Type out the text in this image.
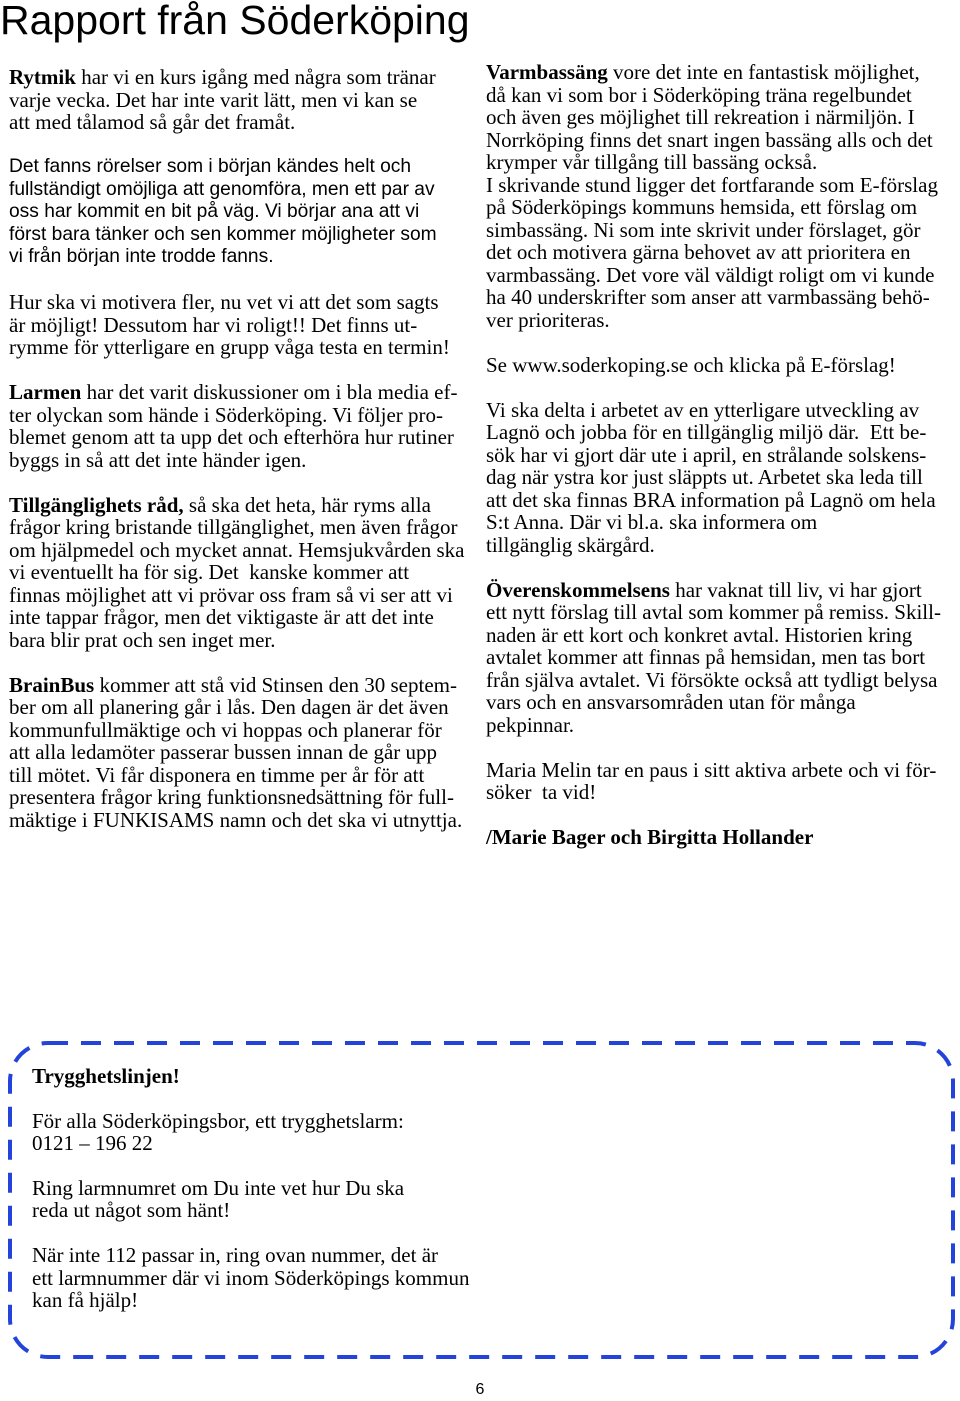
Rapport från Söderköping
Rytmik har vi en kurs igång med några som tränar
varje vecka. Det har inte varit lätt, men vi kan se
att med tålamod så går det framåt.
Det fanns rörelser som i början kändes helt och
fullständigt omöjliga att genomföra, men ett par av
oss har kommit en bit på väg. Vi börjar ana att vi
först bara tänker och sen kommer möjligheter som
vi från början inte trodde fanns.
Hur ska vi motivera fler, nu vet vi att det som sagts
är möjligt! Dessutom har vi roligt!! Det finns ut-
rymme för ytterligare en grupp våga testa en termin!
Larmen har det varit diskussioner om i bla media ef-
ter olyckan som hände i Söderköping. Vi följer pro-
blemet genom att ta upp det och efterhöra hur rutiner
byggs in så att det inte händer igen.
Tillgänglighets råd, så ska det heta, här ryms alla
frågor kring bristande tillgänglighet, men även frågor
om hjälpmedel och mycket annat. Hemsjukvården ska
vi eventuellt ha för sig. Det  kanske kommer att
finnas möjlighet att vi prövar oss fram så vi ser att vi
inte tappar frågor, men det viktigaste är att det inte
bara blir prat och sen inget mer.
BrainBus kommer att stå vid Stinsen den 30 septem-
ber om all planering går i lås. Den dagen är det även
kommunfullmäktige och vi hoppas och planerar för
att alla ledamöter passerar bussen innan de går upp
till mötet. Vi får disponera en timme per år för att
presentera frågor kring funktionsnedsättning för full-
mäktige i FUNKISAMS namn och det ska vi utnyttja.
Varmbassäng vore det inte en fantastisk möjlighet,
då kan vi som bor i Söderköping träna regelbundet
och även ges möjlighet till rekreation i närmiljön. I
Norrköping finns det snart ingen bassäng alls och det
krymper vår tillgång till bassäng också.
I skrivande stund ligger det fortfarande som E-förslag
på Söderköpings kommuns hemsida, ett förslag om
simbassäng. Ni som inte skrivit under förslaget, gör
det och motivera gärna behovet av att prioritera en
varmbassäng. Det vore väl väldigt roligt om vi kunde
ha 40 underskrifter som anser att varmbassäng behö-
ver prioriteras.
Se www.soderkoping.se och klicka på E-förslag!
Vi ska delta i arbetet av en ytterligare utveckling av
Lagnö och jobba för en tillgänglig miljö där.  Ett be-
sök har vi gjort där ute i april, en strålande solskens-
dag när ystra kor just släppts ut. Arbetet ska leda till
att det ska finnas BRA information på Lagnö om hela
S:t Anna. Där vi bl.a. ska informera om
tillgänglig skärgård.
Överenskommelsens har vaknat till liv, vi har gjort
ett nytt förslag till avtal som kommer på remiss. Skill-
naden är ett kort och konkret avtal. Historien kring
avtalet kommer att finnas på hemsidan, men tas bort
från själva avtalet. Vi försökte också att tydligt belysa
vars och en ansvarsområden utan för många
pekpinnar.
Maria Melin tar en paus i sitt aktiva arbete och vi för-
söker  ta vid!
/Marie Bager och Birgitta Hollander
Trygghetslinjen!
För alla Söderköpingsbor, ett trygghetslarm:
0121 – 196 22
Ring larmnumret om Du inte vet hur Du ska
reda ut något som hänt!
När inte 112 passar in, ring ovan nummer, det är
ett larmnummer där vi inom Söderköpings kommun
kan få hjälp!
6
